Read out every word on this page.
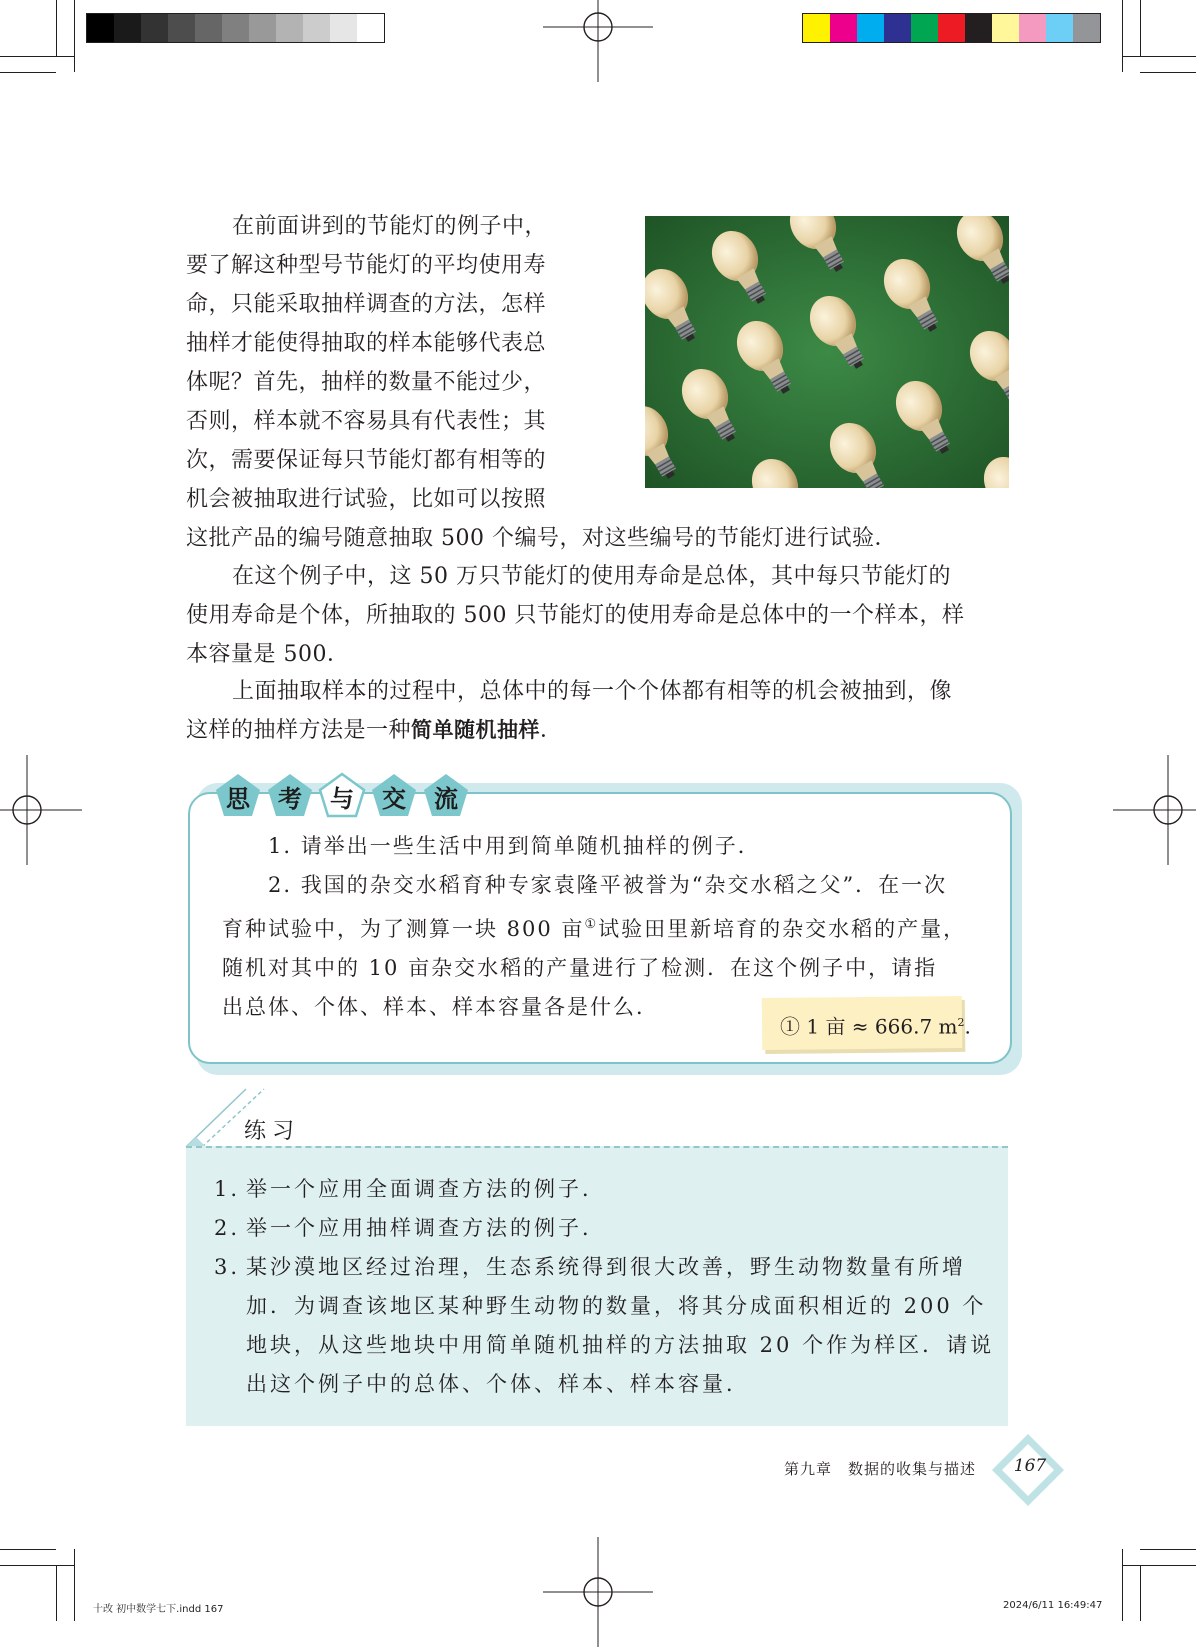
在前面讲到的节能灯的例子中，

要了解这种型号节能灯的平均使用寿

命，只能采取抽样调查的方法，怎样

抽样才能使得抽取的样本能够代表总

体呢？首先，抽样的数量不能过少，

否则，样本就不容易具有代表性；其

次，需要保证每只节能灯都有相等的

机会被抽取进行试验，比如可以按照

这批产品的编号随意抽取 500 个编号，对这些编号的节能灯进行试验．

在这个例子中，这 50 万只节能灯的使用寿命是总体，其中每只节能灯的

使用寿命是个体，所抽取的 500 只节能灯的使用寿命是总体中的一个样本，样

本容量是 500．

上面抽取样本的过程中，总体中的每一个个体都有相等的机会被抽到，像

这样的抽样方法是一种简单随机抽样．

思	考	与	交	流
1. 请举出一些生活中用到简单随机抽样的例子．
2. 我国的杂交水稻育种专家袁隆平被誉为“杂交水稻之父”．在一次
育种试验中，为了测算一块 800 亩①试验田里新培育的杂交水稻的产量，
随机对其中的 10 亩杂交水稻的产量进行了检测．在这个例子中，请指
出总体、个体、样本、样本容量各是什么．
① 1 亩 ≈ 666.7 $m^2$.
练习
1. 举一个应用全面调查方法的例子．
2. 举一个应用抽样调查方法的例子．
3. 某沙漠地区经过治理，生态系统得到很大改善，野生动物数量有所增
加．为调查该地区某种野生动物的数量，将其分成面积相近的 200 个
地块，从这些地块中用简单随机抽样的方法抽取 20 个作为样区．请说
出这个例子中的总体、个体、样本、样本容量．
第九章　数据的收集与描述	167
十改 初中数学七下.indd 167	2024/6/11 16:49:47
